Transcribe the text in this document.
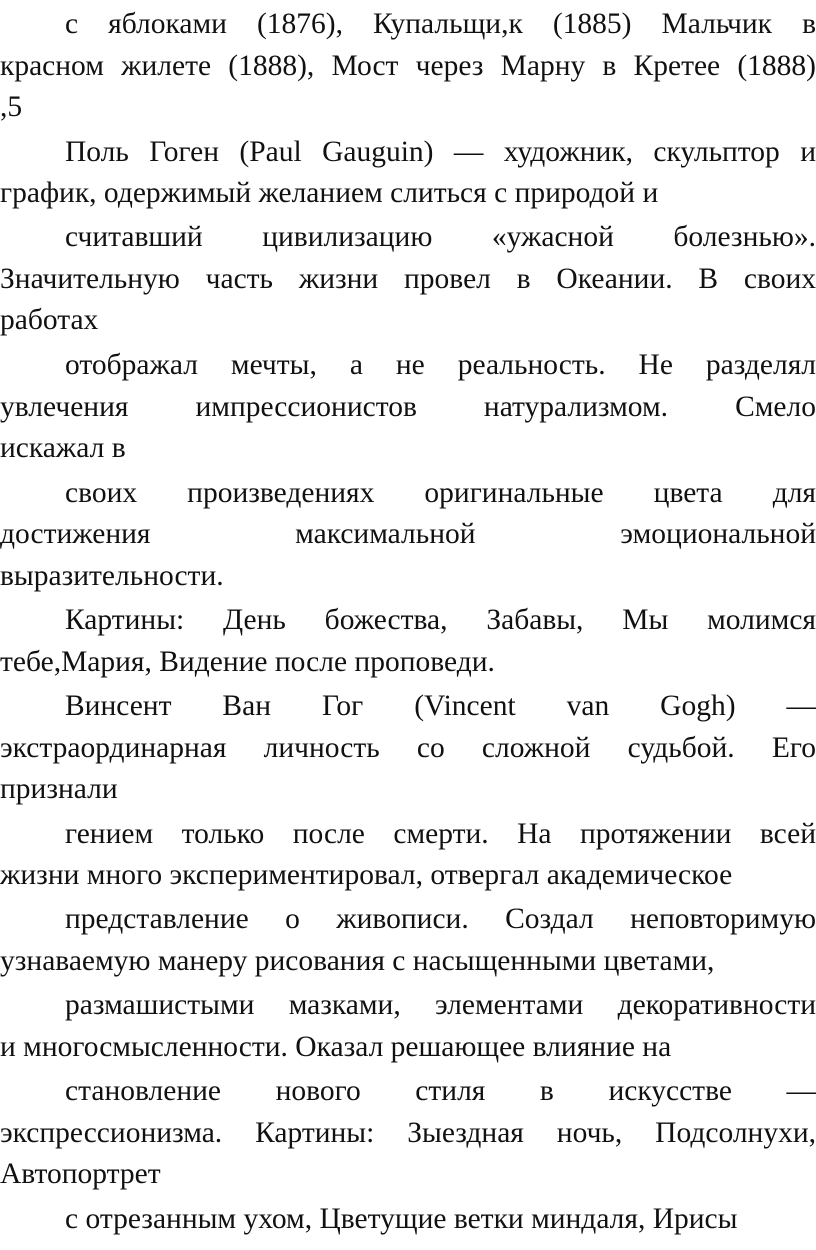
с яблоками (1876), Купальщи,к (1885) Мальчик в
красном жилете (1888), Мост через Марну в Кретее (1888)
,5
Поль Гоген (Paul Gauguin) — художник, скульптор и
график, одержимый желанием слиться с природой и
считавший цивилизацию «ужасной болезнью».
Значительную часть жизни провел в Океании. В своих
работах
отображал мечты, а не реальность. Не разделял
увлечения импрессионистов натурализмом. Смело
искажал в
своих произведениях оригинальные цвета для
достижения максимальной эмоциональной
выразительности.
Картины: День божества, Забавы, Мы молимся
тебе,Мария, Видение после проповеди.
Винсент Ван Гог (Vincent van Gogh) —
экстраординарная личность со сложной судьбой. Его
признали
гением только после смерти. На протяжении всей
жизни много экспериментировал, отвергал академическое
представление о живописи. Создал неповторимую
узнаваемую манеру рисования с насыщенными цветами,
размашистыми мазками, элементами декоративности
и многосмысленности. Оказал решающее влияние на
становление нового стиля в искусстве —
экспрессионизма. Картины: Зыездная ночь, Подсолнухи,
Автопортрет
с отрезанным ухом, Цветущие ветки миндаля, Ирисы
